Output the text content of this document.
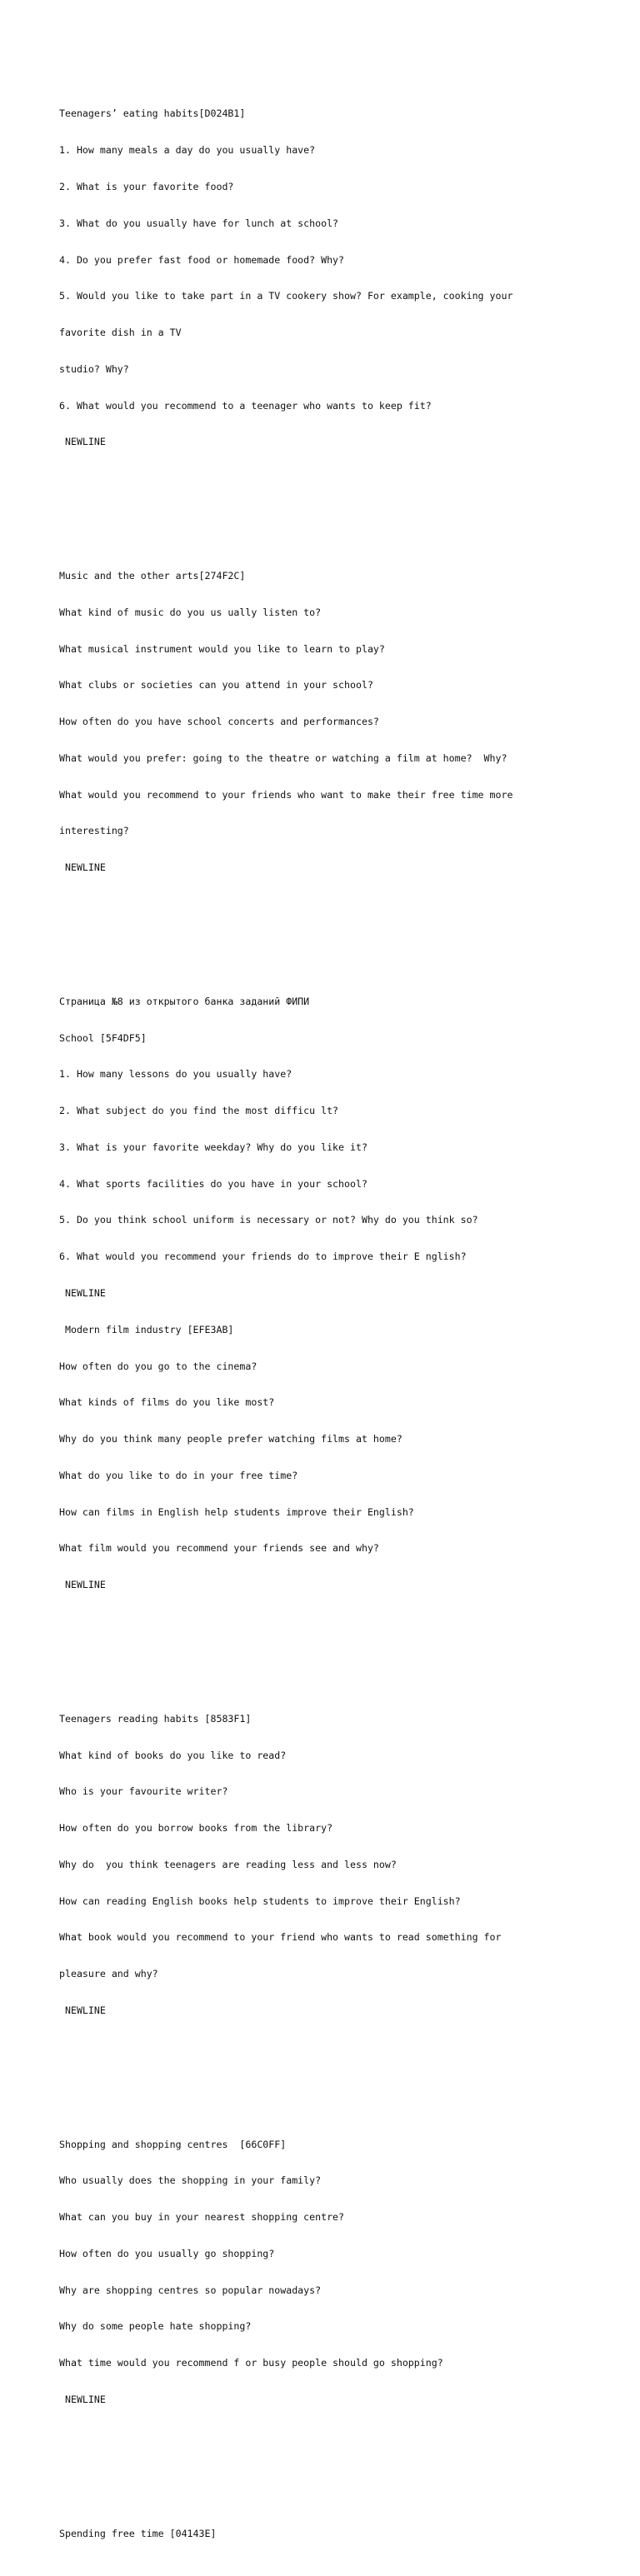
Teenagers’ eating habits[D024B1]

1. How many meals a day do you usually have?

2. What is your favorite food?

3. What do you usually have for lunch at school?

4. Do you prefer fast food or homemade food? Why?

5. Would you like to take part in a TV cookery show? For example, cooking your

favorite dish in a TV

studio? Why?

6. What would you recommend to a teenager who wants to keep fit?

NEWLINE

Music and the other arts[274F2C]

What kind of music do you us ually listen to?

What musical instrument would you like to learn to play?

What clubs or societies can you attend in your school?

How often do you have school concerts and performances?

What would you prefer: going to the theatre or watching a film at home?  Why?

What would you recommend to your friends who want to make their free time more

interesting?

NEWLINE

Страница №8 из открытого банка заданий ФИПИ

School [5F4DF5]

1. How many lessons do you usually have?

2. What subject do you find the most difficu lt?

3. What is your favorite weekday? Why do you like it?

4. What sports facilities do you have in your school?

5. Do you think school uniform is necessary or not? Why do you think so?

6. What would you recommend your friends do to improve their E nglish?

NEWLINE

Modern film industry [EFE3AB]

How often do you go to the cinema?

What kinds of films do you like most?

Why do you think many people prefer watching films at home?

What do you like to do in your free time?

How can films in English help students improve their English?

What film would you recommend your friends see and why?

NEWLINE

Teenagers reading habits [8583F1]

What kind of books do you like to read?

Who is your favourite writer?

How often do you borrow books from the library?

Why do  you think teenagers are reading less and less now?

How can reading English books help students to improve their English?

What book would you recommend to your friend who wants to read something for

pleasure and why?

NEWLINE

Shopping and shopping centres  [66C0FF]

Who usually does the shopping in your family?

What can you buy in your nearest shopping centre?

How often do you usually go shopping?

Why are shopping centres so popular nowadays?

Why do some people hate shopping?

What time would you recommend f or busy people should go shopping?

NEWLINE

Spending free time [04143E]
